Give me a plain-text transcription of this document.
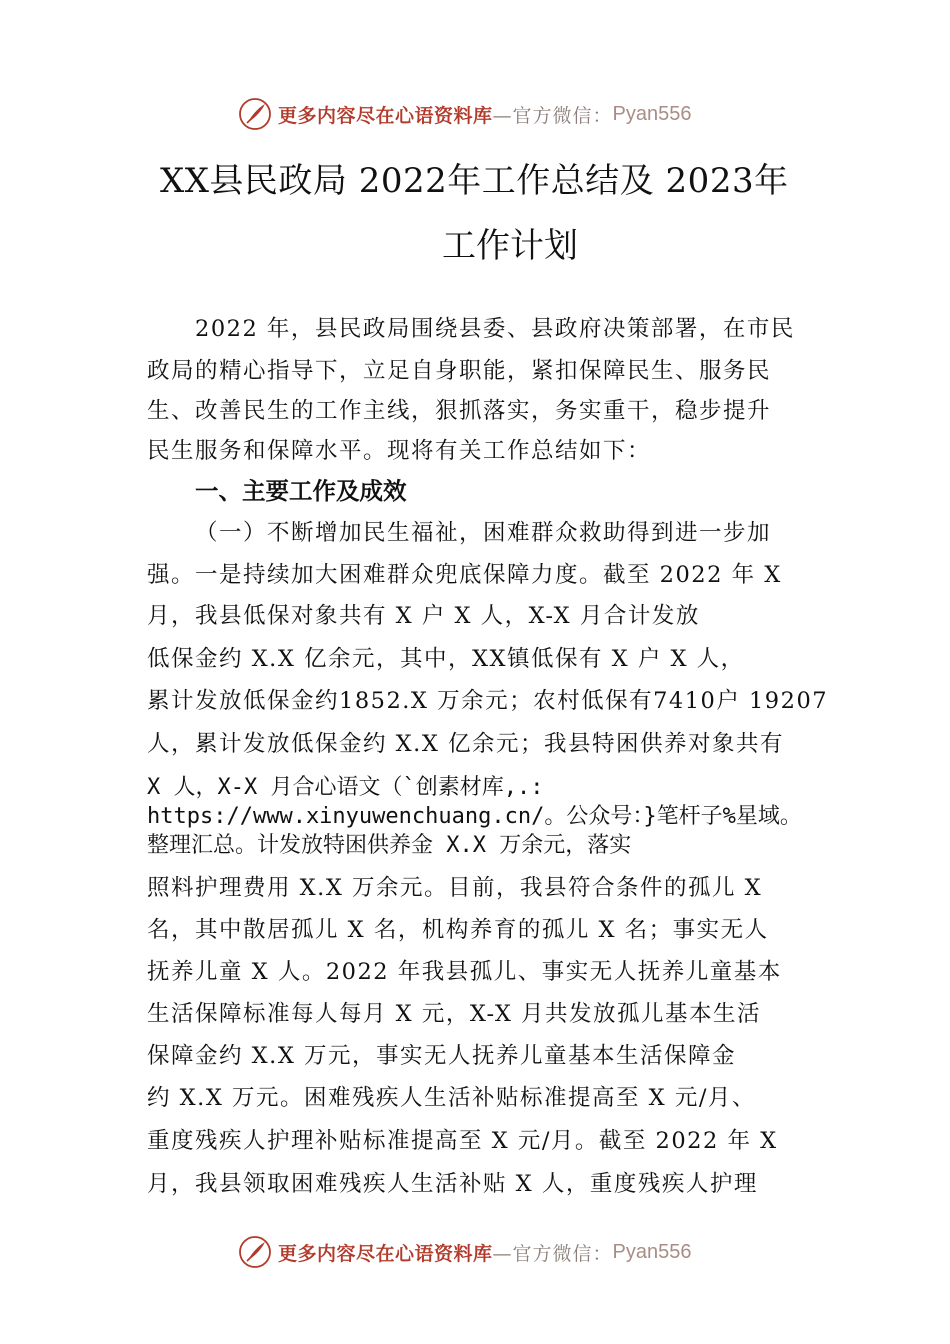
更多内容尽在心语资料库 —官方微信： Pyan556
XX县民政局 2022年工作总结及 2023年
工作计划
2022 年，县民政局围绕县委、县政府决策部署，在市民
政局的精心指导下，立足自身职能，紧扣保障民生、服务民
生、改善民生的工作主线，狠抓落实，务实重干，稳步提升
民生服务和保障水平。现将有关工作总结如下：
一、主要工作及成效
（一）不断增加民生福祉，困难群众救助得到进一步加
强。一是持续加大困难群众兜底保障力度。截至 2022 年 X
月，我县低保对象共有 X 户 X 人，X-X 月合计发放
低保金约 X.X 亿余元，其中，XX镇低保有 X 户 X 人，
累计发放低保金约1852.X 万余元；农村低保有7410户 19207
人，累计发放低保金约 X.X 亿余元；我县特困供养对象共有
X 人，X-X 月合心语文（`创素材库,.:
https://www.xinyuwenchuang.cn/。公众号：}笔杆子%星域。
整理汇总。计发放特困供养金 X.X 万余元，落实
照料护理费用 X.X 万余元。目前，我县符合条件的孤儿 X
名，其中散居孤儿 X 名，机构养育的孤儿 X 名；事实无人
抚养儿童 X 人。2022 年我县孤儿、事实无人抚养儿童基本
生活保障标准每人每月 X 元，X-X 月共发放孤儿基本生活
保障金约 X.X 万元，事实无人抚养儿童基本生活保障金
约 X.X 万元。困难残疾人生活补贴标准提高至 X 元/月、
重度残疾人护理补贴标准提高至 X 元/月。截至 2022 年 X
月，我县领取困难残疾人生活补贴 X 人，重度残疾人护理
更多内容尽在心语资料库 —官方微信： Pyan556
